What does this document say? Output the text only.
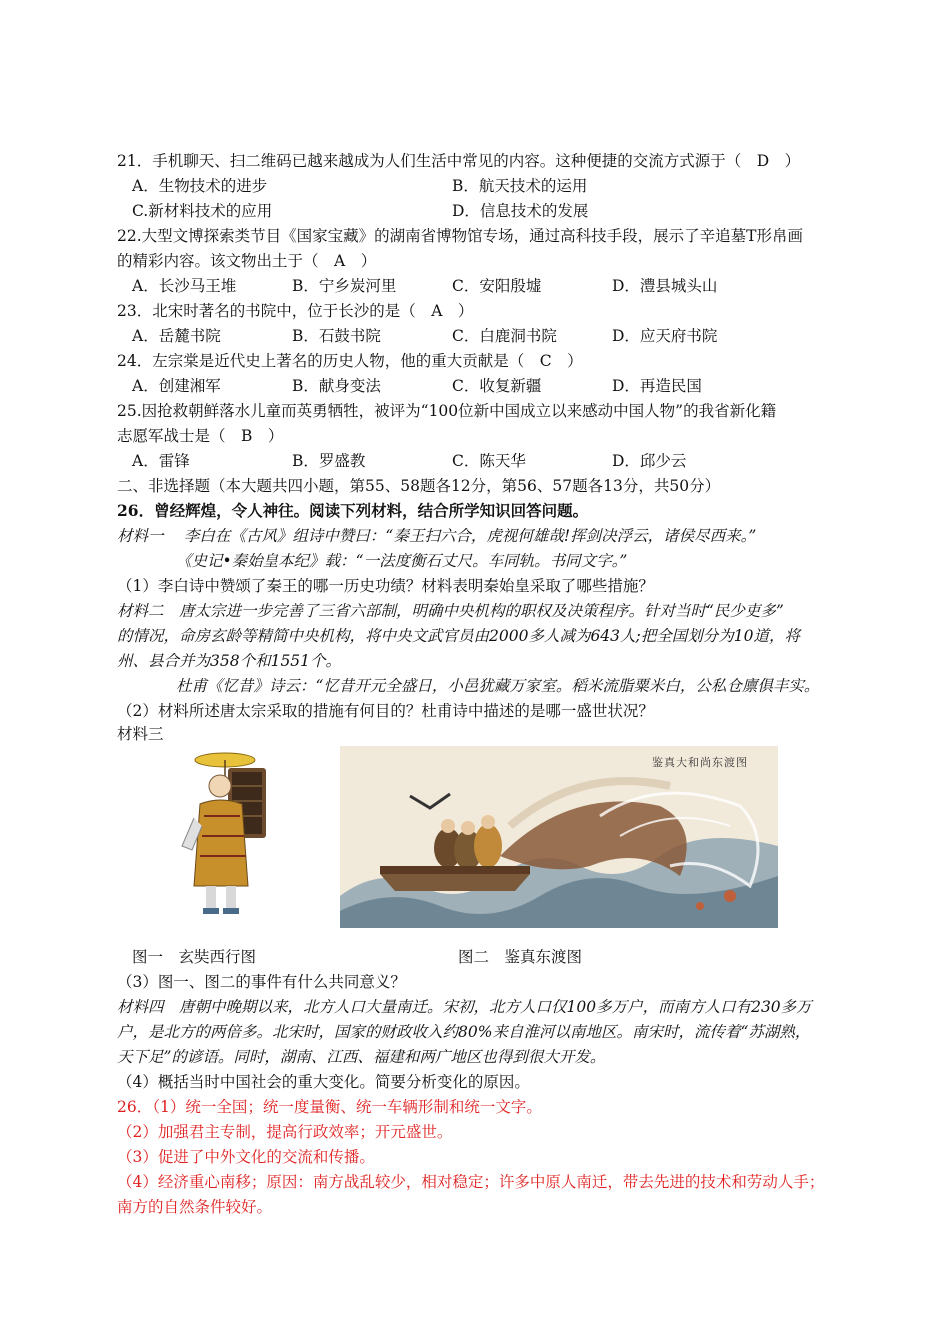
21．手机聊天、扫二维码已越来越成为人们生活中常见的内容。这种便捷的交流方式源于（　D　）
A．生物技术的进步	B．航天技术的运用
C.新材料技术的应用	D．信息技术的发展
22.大型文博探索类节目《国家宝藏》的湖南省博物馆专场，通过高科技手段，展示了辛追墓T形帛画
的精彩内容。该文物出土于（　A　）
A．长沙马王堆	B．宁乡炭河里	C．安阳殷墟	D．澧县城头山
23．北宋时著名的书院中，位于长沙的是（　A　）
A．岳麓书院	B．石鼓书院	C．白鹿洞书院	D．应天府书院
24．左宗棠是近代史上著名的历史人物，他的重大贡献是（　C　）
A．创建湘军	B．献身变法	C．收复新疆	D．再造民国
25.因抢救朝鲜落水儿童而英勇牺牲，被评为“100位新中国成立以来感动中国人物”的我省新化籍
志愿军战士是（　B　）
A．雷锋	B．罗盛教	C．陈天华	D．邱少云
二、非选择题（本大题共四小题，第55、58题各12分，第56、57题各13分，共50分）
26．曾经辉煌，令人神往。阅读下列材料，结合所学知识回答问题。
材料一　 李白在《古风》组诗中赞曰：“秦王扫六合，虎视何雄哉!挥剑决浮云，诸侯尽西来。”
《史记•秦始皇本纪》载：“一法度衡石丈尺。车同轨。书同文字。”
（1）李白诗中赞颂了秦王的哪一历史功绩？材料表明秦始皇采取了哪些措施？
材料二　唐太宗进一步完善了三省六部制，明确中央机构的职权及决策程序。针对当时“民少吏多”
的情况，命房玄龄等精简中央机构，将中央文武官员由2000多人减为643人;把全国划分为10道，将
州、县合并为358个和1551个。
杜甫《忆昔》诗云：“忆昔开元全盛日，小邑犹藏万家室。稻米流脂粟米白，公私仓廪俱丰实。
（2）材料所述唐太宗采取的措施有何目的？杜甫诗中描述的是哪一盛世状况？
材料三
鉴真大和尚东渡图
图一　玄奘西行图	图二　鉴真东渡图
（3）图一、图二的事件有什么共同意义？
材料四　唐朝中晚期以来，北方人口大量南迁。宋初，北方人口仅100多万户，而南方人口有230多万
户，是北方的两倍多。北宋时，国家的财政收入约80%来自淮河以南地区。南宋时，流传着“苏湖熟，
天下足”的谚语。同时，湖南、江西、福建和两广地区也得到很大开发。
（4）概括当时中国社会的重大变化。简要分析变化的原因。
26．（1）统一全国；统一度量衡、统一车辆形制和统一文字。
（2）加强君主专制，提高行政效率；开元盛世。
（3）促进了中外文化的交流和传播。
（4）经济重心南移；原因：南方战乱较少，相对稳定；许多中原人南迁，带去先进的技术和劳动人手；
南方的自然条件较好。
